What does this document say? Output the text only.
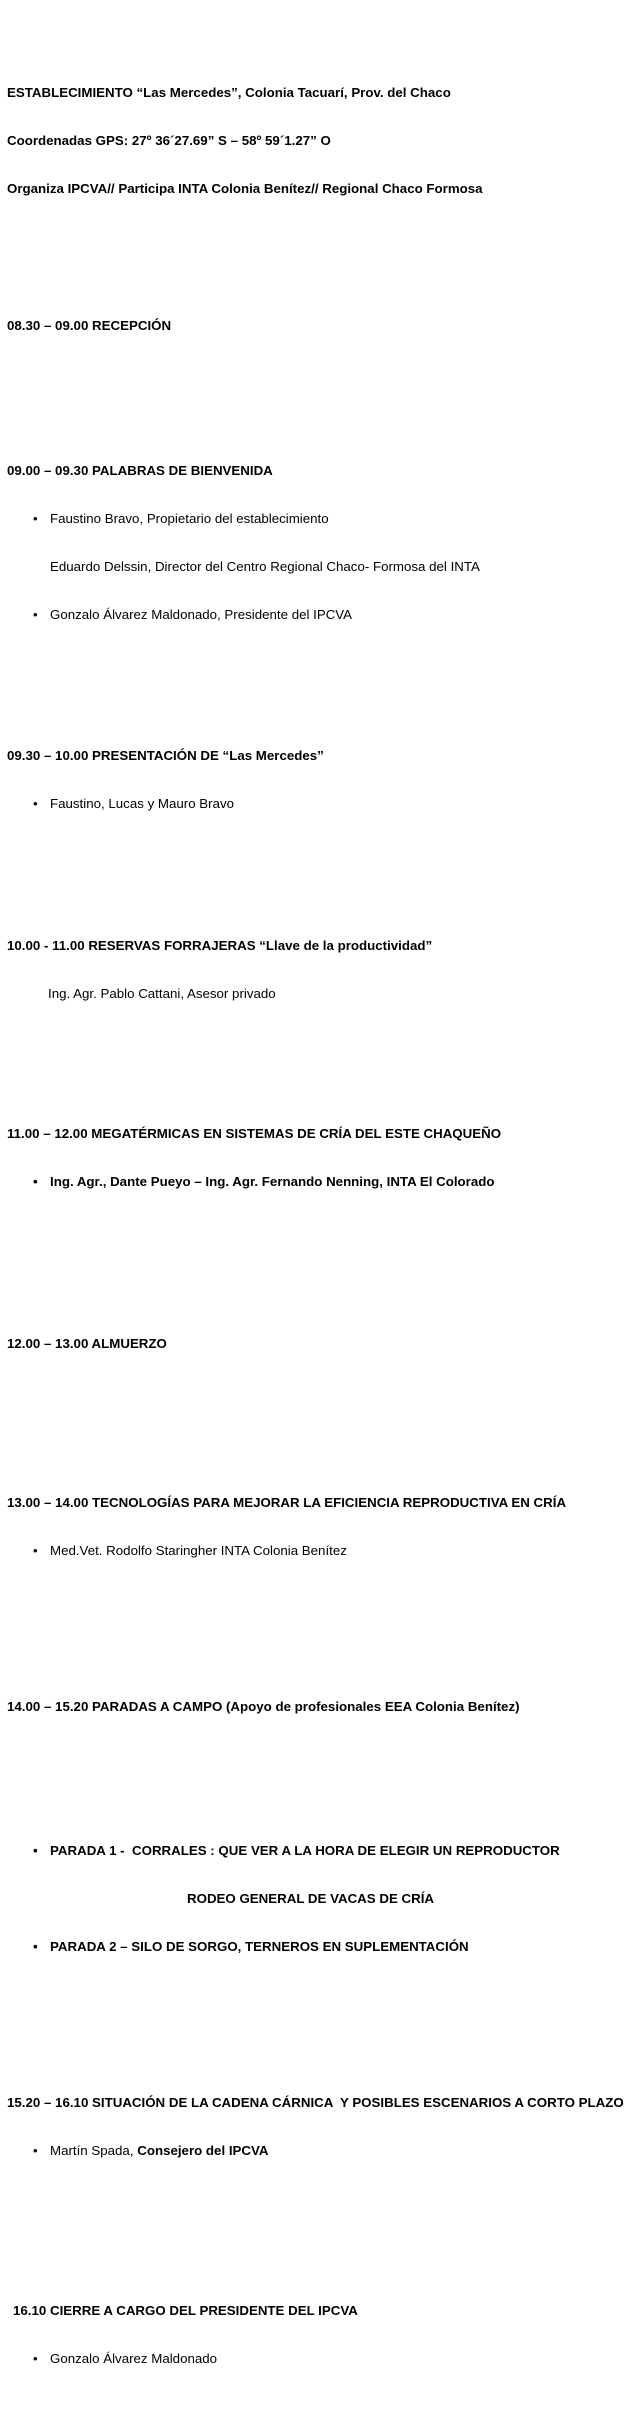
ESTABLECIMIENTO “Las Mercedes”, Colonia Tacuarí, Prov. del Chaco

Coordenadas GPS: 27º 36´27.69” S – 58º 59´1.27” O

Organiza IPCVA// Participa INTA Colonia Benítez// Regional Chaco Formosa

08.30 – 09.00 RECEPCIÓN

09.00 – 09.30 PALABRAS DE BIENVENIDA

• Faustino Bravo, Propietario del establecimiento

Eduardo Delssin, Director del Centro Regional Chaco- Formosa del INTA

• Gonzalo Álvarez Maldonado, Presidente del IPCVA

09.30 – 10.00 PRESENTACIÓN DE “Las Mercedes”

• Faustino, Lucas y Mauro Bravo

10.00 - 11.00 RESERVAS FORRAJERAS “Llave de la productividad”

Ing. Agr. Pablo Cattani, Asesor privado

11.00 – 12.00 MEGATÉRMICAS EN SISTEMAS DE CRÍA DEL ESTE CHAQUEÑO

• Ing. Agr., Dante Pueyo – Ing. Agr. Fernando Nenning, INTA El Colorado

12.00 – 13.00 ALMUERZO

13.00 – 14.00 TECNOLOGÍAS PARA MEJORAR LA EFICIENCIA REPRODUCTIVA EN CRÍA

• Med.Vet. Rodolfo Staringher INTA Colonia Benítez

14.00 – 15.20 PARADAS A CAMPO (Apoyo de profesionales EEA Colonia Benítez)

• PARADA 1 -  CORRALES : QUE VER A LA HORA DE ELEGIR UN REPRODUCTOR

RODEO GENERAL DE VACAS DE CRÍA

• PARADA 2 – SILO DE SORGO, TERNEROS EN SUPLEMENTACIÓN

15.20 – 16.10 SITUACIÓN DE LA CADENA CÁRNICA  Y POSIBLES ESCENARIOS A CORTO PLAZO

• Martín Spada, Consejero del IPCVA

16.10 CIERRE A CARGO DEL PRESIDENTE DEL IPCVA

• Gonzalo Álvarez Maldonado
